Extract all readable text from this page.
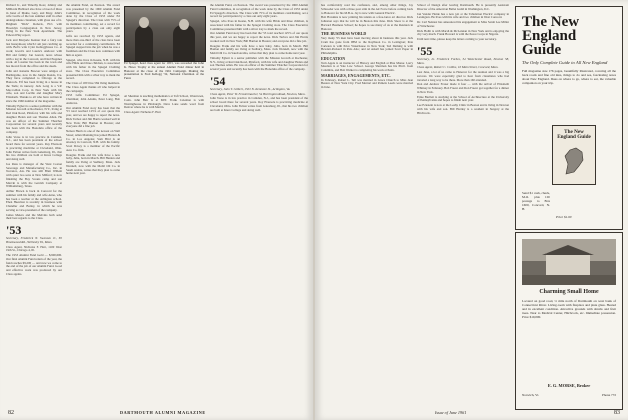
Richard Jr., and Timothy Ross; Johnny and Millicent Hubbard also have a brood of three in Janet of Maine, Gary, and Mary. John's wife Lucile of the late summer staff in other undergraduate classmen, with glass use of it. Brigham "Dick" Roberts, Eb's with Brooklyn Congregation in New Jersey, living in the New York Apartment. The Edward Hay report.

Jack and Marjorie Kenner had a fairy tale last honeymoon which I am just catching up with. Bob's wife Cyler Kellogghrous Co. at work; Gwen's and Laurie's Andover with Bill and family. Jan Garrett, news whose with a log in the Concord, and Dad Eugenes work. Al Lassiter has been in the town and has moved from the office and the deeds.

John and Jeanette Bowser were amigos of Burlingame, now in the Jungle Rondo, Ive. They have completed to Chicago at the Hancock. Elf has been living in a house in the Tarik; in nursery. Jack Long is a V.P. Mac-Gillan Corp. in New York with his wife, son and Lucille and daughter Mary Elizabeth. Thanks to all who have written in since the 1960 number of the magazine.

Timothy Egbert is a senior publisher with the Mission Growth at Rochester, N.Y., living at Red Oak Road, Pittsford, with his wife and daughter Helen and son Thomas Allen. He was an officer of the Summer Thatcher Corporation for several years and recently has been with the Honolulu office of the company.

John Vorse is in law practice in Camden, N.J., and has been president of the school board there for several years. Roy Ebersole is practicing medicine at Cleveland, Ohio. John Fulton writes from Galesburg, Ill., that his two children are both at Knox College and doing well.

Joe Russ is manager of the West Coston Sewerage and Manufacturing Co., Inc. in Torrance, Ala. He was still Blair Willem with quiet two sons at New Milford; is now finishing the Boy Scouts camp and son Marvin is with the Garrish Company at Williamsburg, Texas.

Arthur Brown is back in Concord for the summer with his family and wife Anne, who has been a teacher at the Arlington school. Eben Hazelton is recently in business with Chandler and Bailey, in which he was serving as vice-president of the company.

James Meiers and the Melvins both send their best regards to the Class.

'53

Secretary, Frederick N. Swensen Jr., 65 Brookwood Rd., Wellesley 81, Mass.

Class Agent, Nicholas F. Hart, 1100 West 19th St., Chicago 4, Ill.

The 1953 Alumni Fund Gold — 8,900,000. Our final Alumni Fund return of the year, the fund reaches $9,200 — and now we come to the end of the job of our Alumni Fund. Good and effective work was produced by our Class agents.

the Alumni Fund, on Pearson. The award was presented by the 1960 Alumni Fund Committee, in recognition of the work done by the Class of 1953 under Ed Spiegel's direction. The Class with 75% of its members contributing, set a record for participation by a class out only eight years.

Gifts are received by 1953 agents, and more than one-third of the class have been recorded for a continuing contribution. Ed Spiegel stepped into the job when he was a freshman and the Class now continues with him as agent.

Spiegel, who lives in Keene, N.H. with his wife Hilda and three children, is associated with his father in the Spiegel Clothing store. The Class Executive Committee presented him with a silver tray to mark the record.

The Class of 1953 has 584 living members. The Class Agent thanks all who helped in the campaign.

1953 Gifts Committee: Ed Spiegel, Chairman; John Adams, Peter Lang, Bob Andrews.

Our Alumni Fund story has been that the '53 total reached 125% of our quota this year, and we are happy to report the news. Dick Tarbox and Jim Harris worked well in New York; Bill Hanlon in Boston; and everyone did a fine job.

Nelson Harris is one of the newest on Wall Street; Allen Manning has joined Hutton & Co. in Los Angeles; Sam Bird is an attorney in Concord, N.H. with his family. Scott Davey is a member of the Pacific Aero Co. firm.

Douglas Frank and his wife have a new baby, Julia, born in March. Bill Hanlon and family are living at Sudbury, Mass. Jack Wonnell, now with the Mobil Oil Co. in Saudi Arabia, writes that they plan to come home next year.

Ed Spiegel, head class agent for 1953, was rewarded the John K. Howe Trophy at the annual Alumni Fund dinner held in Hanover at the close of the 1961 Campaign. Making the presentation is Fred Kellogg '32, National Chairman of the Fund.

Al Sherman is teaching mathematics at Taft School, Watertown, Conn. John Bair is at MIT. Frank Coleman is with Westinghouse in Pittsburgh. Dave Lane sends word from Denver where he is with Martin.

Class Agent: Nicholas F. Hart

the Alumni Fund, on Pearson. The award was presented by the 1960 Alumni Fund Committee, in recognition of the work done by the Class of 1953 under Ed Spiegel's direction. The Class with 75% of its members contributing, set a record for participation by a class out only eight years.

Spiegel, who lives in Keene, N.H. with his wife Hilda and three children, is associated with his father in the Spiegel Clothing store. The Class Executive Committee presented him with a silver tray to mark the record.

Our Alumni Fund story has been that the '53 total reached 125% of our quota this year, and we are happy to report the news. Dick Tarbox and Jim Harris worked well in New York; Bill Hanlon in Boston; and everyone did a fine job.

Douglas Frank and his wife have a new baby, Julia, born in March. Bill Hanlon and family are living at Sudbury, Mass. Jack Wonnell, now with the Mobil Oil Co. in Saudi Arabia, writes that they plan to come home next year.

Timothy Egbert is a senior publisher with the Mission Growth at Rochester, N.Y., living at Red Oak Road, Pittsford, with his wife and daughter Helen and son Thomas Allen. He was an officer of the Summer Thatcher Corporation for several years and recently has been with the Honolulu office of the company.

'54

Secretary, John T. Gilbert, 1501 N. Kenmore St., Arlington, Va.

Class Agent, Peter W. Fenstermacher, 54 Harrington Road, Newton, Mass.

John Vorse is in law practice in Camden, N.J., and has been president of the school board there for several years. Roy Ebersole is practicing medicine at Cleveland, Ohio. John Fulton writes from Galesburg, Ill., that his two children are both at Knox College and doing well.

82	DARTMOUTH ALUMNI MAGAZINE

has comfortably read the confusion, and, among other things, Jay Schroeder was with a three-year stint in the Air Force before coming back to Hanover for his M.B.A. Jay is now with General Electric.

Bob Hawkins is now printing his talents as a free-lance art director. Rick Johnston says that he will be in Boston this June. Dick Snow is at the Harvard Business School; he hopes to see many of us at the Reunion in Hanover.

THE BUSINESS WORLD

Very many '55 men have been moving about in business this year. Jack Cram has gone from IBM to the Raytheon Co. in Lexington; Pete Carleton is with Price Waterhouse in New York; Ted Deming is with Hewlett-Packard in Palo Alto; and Al Arkell has joined Scott Paper in Philadelphia.

EDUCATION

Tom Apple is an instructor of History and English at Pine Manor. Larry Moulton is at Yale Law School. George Sherman has his Ph.D. from Columbia, and Bob Walker is completing his work at Penn.

MARRIAGES, ENGAGEMENTS, ETC.

In February, Robert L. Tell was married in Grace Church to Miss Jean Beaton of New York City. Fred Mottart and Pamela Leeds were married in June.

School of Design after leaving Dartmouth. He is presently Assistant Director of the American Ballet Guild in Washington, D.C.

Jan Vonder Heide has a new job at the Tabulation Electric company in Lexington. He lives with his wife and two children in West Concord.

Dr. Carl Neinast has announced his engagement to Miss Sarah Lee Miller of Winchester.

Dick Hohlt is with Marsh & McLennan in New York and is enjoying the city very much. Frank Howard is with the Peace Corps in Nigeria.

Until next time, please keep the letters coming to your secretary.

'55

Secretary, Lt. Frederick Forbes, 34 Westchester Road, Newton 58, Mass.

Class Agent, Robert C. Collins, 10 Main Street, Concord, Mass.

Last June, a lot of us came to Hanover for the reunion and it was a big success. We were especially glad to hear from classmates who had traveled a long way to be there. More than 160 attended.

Don and Andrew Frazer made it four — with the arrival of Elizabeth Whitney in February. Bob Frazer and Don Frazer got together for a dinner in New York.

Ernie Bartlett is studying at the School of Architecture at the University of Pennsylvania and hopes to finish next year.

Lee Eckstein is now at the Leahy Clinic in Boston and is living in Newton with his wife and son. Bill Hartley is a resident in Surgery at the Hitchcock.

The New England Guide
The Only Complete Guide to All New England
Full magazine size 176 pages, beautifully illustrated, covering all the back roads and fine old inns, things to do and see, fascinating notes about New England. Dues on where to go, where to eat, the valuable companion on your trip.
The New England Guide
Send $1 cash, check, M.O. plus 10¢ postage to Box 1600, Concord, N. H.
Price $1.00
Charming Small Home
Located on good road, ⅓ mile north of Dartmouth on west bank of Connecticut River. Living-room with fireplace and plate glass. Heated and in excellent condition. Attractive grounds with shrubs and fruit trees. Near to Medical Center, Hitchcock, etc. Immediate possession. Price $10,000.
E. G. MORSE, Broker
Norwich, Vt.	Phone 772
Issue of June 1961	83
